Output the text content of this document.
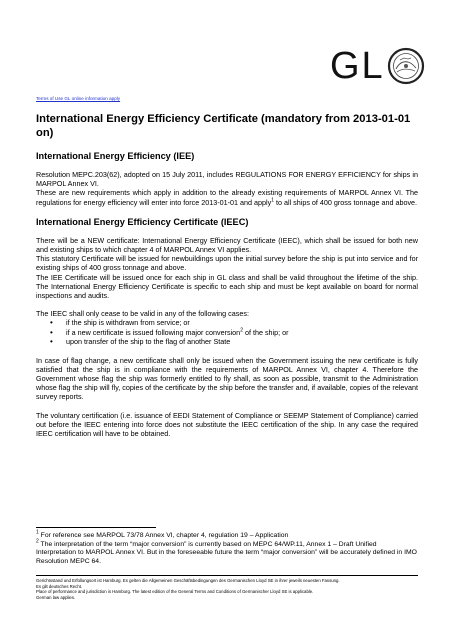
GL
Terms of Use GL online information apply
International Energy Efficiency Certificate (mandatory from 2013-01-01 on)
International Energy Efficiency (IEE)

Resolution MEPC.203(62), adopted on 15 July 2011, includes REGULATIONS FOR ENERGY EFFICIENCY for ships in MARPOL Annex VI.

These are new requirements which apply in addition to the already existing requirements of MARPOL Annex VI. The regulations for energy efficiency will enter into force 2013-01-01 and apply$^1$ to all ships of 400 gross tonnage and above.

International Energy Efficiency Certificate (IEEC)

There will be a NEW certificate: International Energy Efficiency Certificate (IEEC), which shall be issued for both new and existing ships to which chapter 4 of MARPOL Annex VI applies.

This statutory Certificate will be issued for newbuildings upon the initial survey before the ship is put into service and for existing ships of 400 gross tonnage and above.

The IEE Certificate will be issued once for each ship in GL class and shall be valid throughout the lifetime of the ship. The International Energy Efficiency Certificate is specific to each ship and must be kept available on board for normal inspections and audits.

The IEEC shall only cease to be valid in any of the following cases:

• if the ship is withdrawn from service; or
• if a new certificate is issued following major conversion$^2$ of the ship; or
• upon transfer of the ship to the flag of another State

In case of flag change, a new certificate shall only be issued when the Government issuing the new certificate is fully satisfied that the ship is in compliance with the requirements of MARPOL Annex VI, chapter 4. Therefore the Government whose flag the ship was formerly entitled to fly shall, as soon as possible, transmit to the Administration whose flag the ship will fly, copies of the certificate by the ship before the transfer and, if available, copies of the relevant survey reports.

The voluntary certification (i.e. issuance of EEDI Statement of Compliance or SEEMP Statement of Compliance) carried out before the IEEC entering into force does not substitute the IEEC certification of the ship. In any case the required IEEC certification will have to be obtained.

$^1$ For reference see MARPOL 73/78 Annex VI, chapter 4, regulation 19 – Application

$^2$ The interpretation of the term “major conversion” is currently based on MEPC 64/WP.11, Annex 1 – Draft Unified Interpretation to MARPOL Annex VI. But in the foreseeable future the term “major conversion” will be accurately defined in IMO Resolution MEPC 64.

Gerichtsstand und Erfüllungsort ist Hamburg. Es gelten die Allgemeinen Geschäftsbedingungen des Germanischen Lloyd SE in ihrer jeweils neuesten Fassung.

Es gilt deutsches Recht.

Place of performance and jurisdiction is Hamburg. The latest edition of the General Terms and Conditions of Germanischer Lloyd SE is applicable.

German law applies.
